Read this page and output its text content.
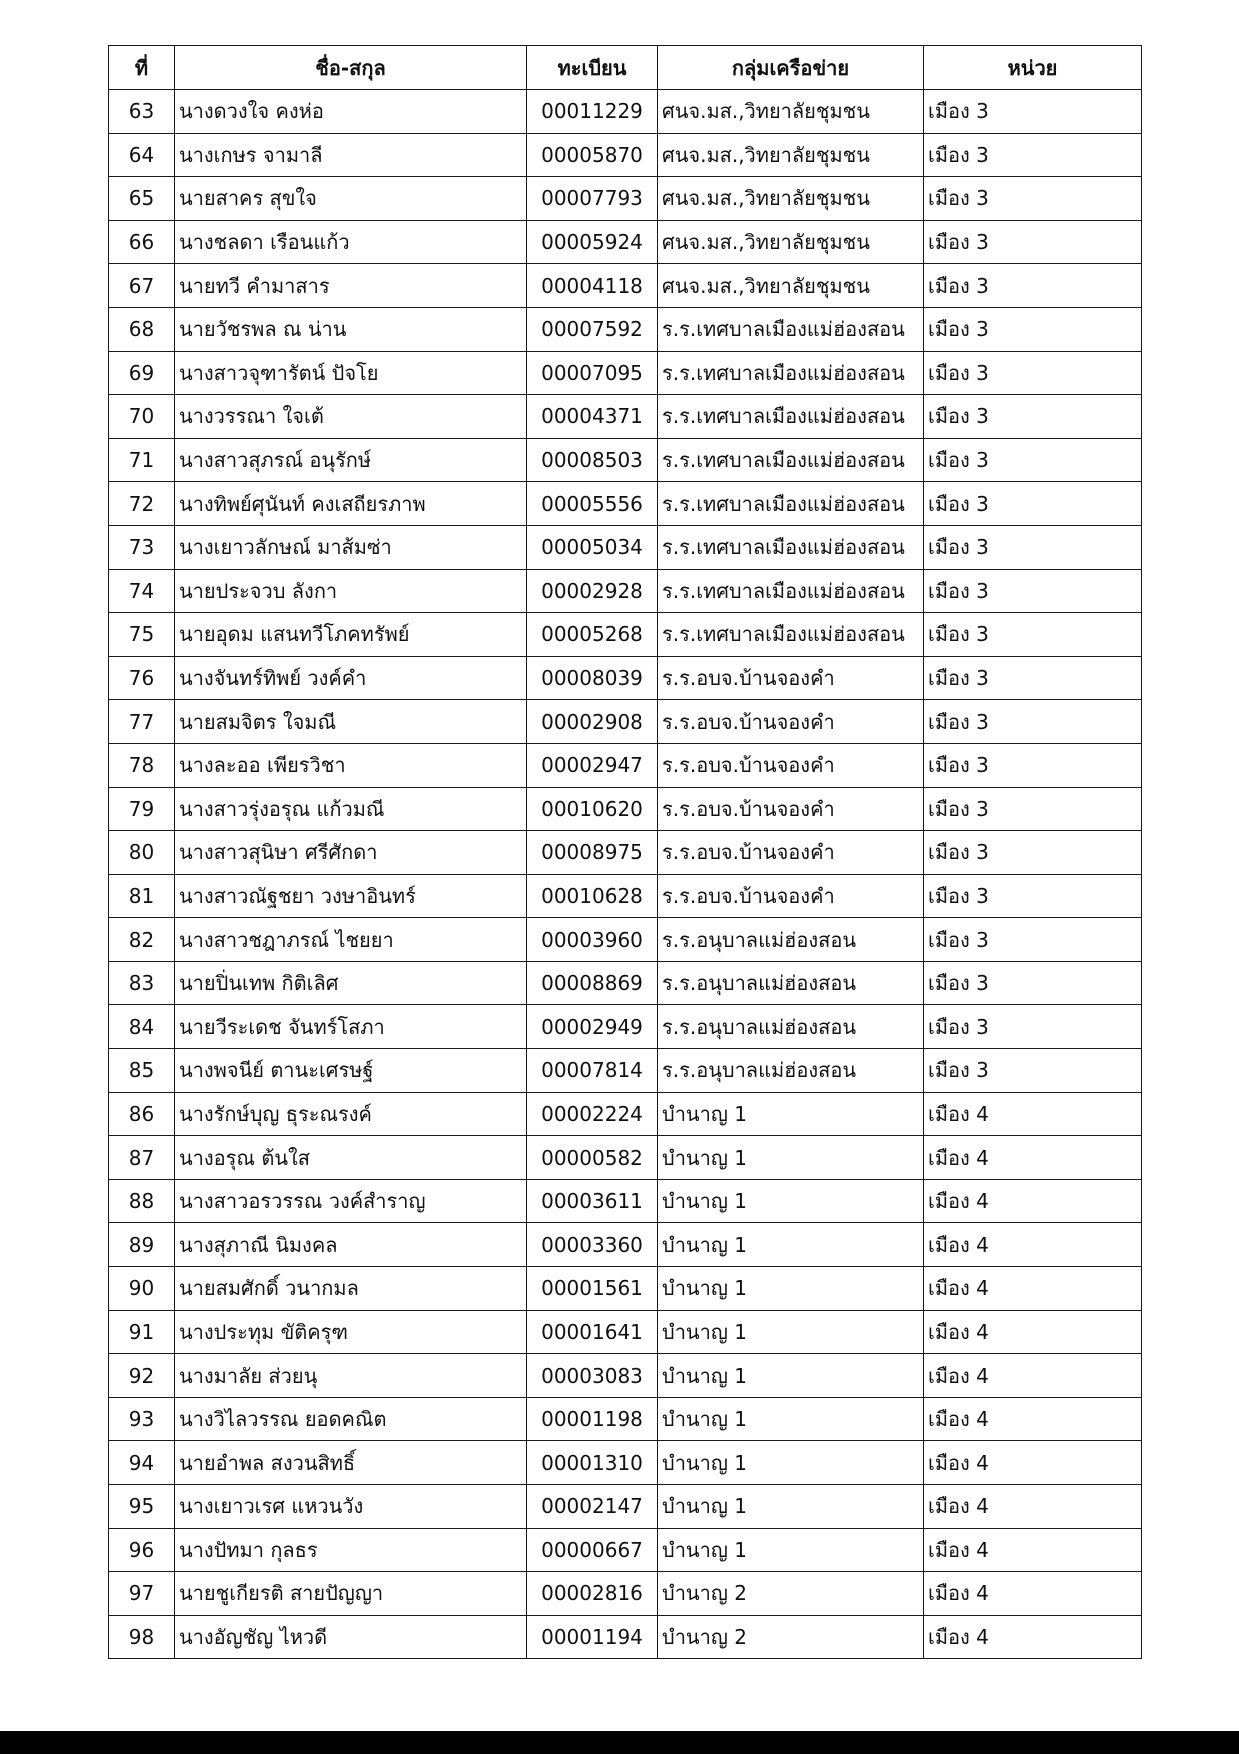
ที่	ชื่อ-สกุล	ทะเบียน	กลุ่มเครือข่าย	หน่วย
63	นางดวงใจ คงห่อ	00011229	ศนจ.มส.,วิทยาลัยชุมชน	เมือง 3
64	นางเกษร จามาลี	00005870	ศนจ.มส.,วิทยาลัยชุมชน	เมือง 3
65	นายสาคร สุขใจ	00007793	ศนจ.มส.,วิทยาลัยชุมชน	เมือง 3
66	นางชลดา เรือนแก้ว	00005924	ศนจ.มส.,วิทยาลัยชุมชน	เมือง 3
67	นายทวี คำมาสาร	00004118	ศนจ.มส.,วิทยาลัยชุมชน	เมือง 3
68	นายวัชรพล ณ น่าน	00007592	ร.ร.เทศบาลเมืองแม่ฮ่องสอน	เมือง 3
69	นางสาวจุฑารัตน์ ปัจโย	00007095	ร.ร.เทศบาลเมืองแม่ฮ่องสอน	เมือง 3
70	นางวรรณา ใจเต้	00004371	ร.ร.เทศบาลเมืองแม่ฮ่องสอน	เมือง 3
71	นางสาวสุภรณ์ อนุรักษ์	00008503	ร.ร.เทศบาลเมืองแม่ฮ่องสอน	เมือง 3
72	นางทิพย์ศุนันท์ คงเสถียรภาพ	00005556	ร.ร.เทศบาลเมืองแม่ฮ่องสอน	เมือง 3
73	นางเยาวลักษณ์ มาส้มซ่า	00005034	ร.ร.เทศบาลเมืองแม่ฮ่องสอน	เมือง 3
74	นายประจวบ ลังกา	00002928	ร.ร.เทศบาลเมืองแม่ฮ่องสอน	เมือง 3
75	นายอุดม แสนทวีโภคทรัพย์	00005268	ร.ร.เทศบาลเมืองแม่ฮ่องสอน	เมือง 3
76	นางจันทร์ทิพย์ วงค์คำ	00008039	ร.ร.อบจ.บ้านจองคำ	เมือง 3
77	นายสมจิตร ใจมณี	00002908	ร.ร.อบจ.บ้านจองคำ	เมือง 3
78	นางละออ เพียรวิชา	00002947	ร.ร.อบจ.บ้านจองคำ	เมือง 3
79	นางสาวรุ่งอรุณ แก้วมณี	00010620	ร.ร.อบจ.บ้านจองคำ	เมือง 3
80	นางสาวสุนิษา ศรีศักดา	00008975	ร.ร.อบจ.บ้านจองคำ	เมือง 3
81	นางสาวณัฐชยา วงษาอินทร์	00010628	ร.ร.อบจ.บ้านจองคำ	เมือง 3
82	นางสาวชฎาภรณ์ ไชยยา	00003960	ร.ร.อนุบาลแม่ฮ่องสอน	เมือง 3
83	นายปิ่นเทพ กิติเลิศ	00008869	ร.ร.อนุบาลแม่ฮ่องสอน	เมือง 3
84	นายวีระเดช จันทร์โสภา	00002949	ร.ร.อนุบาลแม่ฮ่องสอน	เมือง 3
85	นางพจนีย์ ตานะเศรษฐ์	00007814	ร.ร.อนุบาลแม่ฮ่องสอน	เมือง 3
86	นางรักษ์บุญ ธุระณรงค์	00002224	บำนาญ 1	เมือง 4
87	นางอรุณ ต้นใส	00000582	บำนาญ 1	เมือง 4
88	นางสาวอรวรรณ วงค์สำราญ	00003611	บำนาญ 1	เมือง 4
89	นางสุภาณี นิมงคล	00003360	บำนาญ 1	เมือง 4
90	นายสมศักดิ์ วนากมล	00001561	บำนาญ 1	เมือง 4
91	นางประทุม ขัติครุฑ	00001641	บำนาญ 1	เมือง 4
92	นางมาลัย ส่วยนุ	00003083	บำนาญ 1	เมือง 4
93	นางวิไลวรรณ ยอดคณิต	00001198	บำนาญ 1	เมือง 4
94	นายอำพล สงวนสิทธิ์	00001310	บำนาญ 1	เมือง 4
95	นางเยาวเรศ แหวนวัง	00002147	บำนาญ 1	เมือง 4
96	นางปัทมา กุลธร	00000667	บำนาญ 1	เมือง 4
97	นายชูเกียรติ สายปัญญา	00002816	บำนาญ 2	เมือง 4
98	นางอัญชัญ ไหวดี	00001194	บำนาญ 2	เมือง 4
